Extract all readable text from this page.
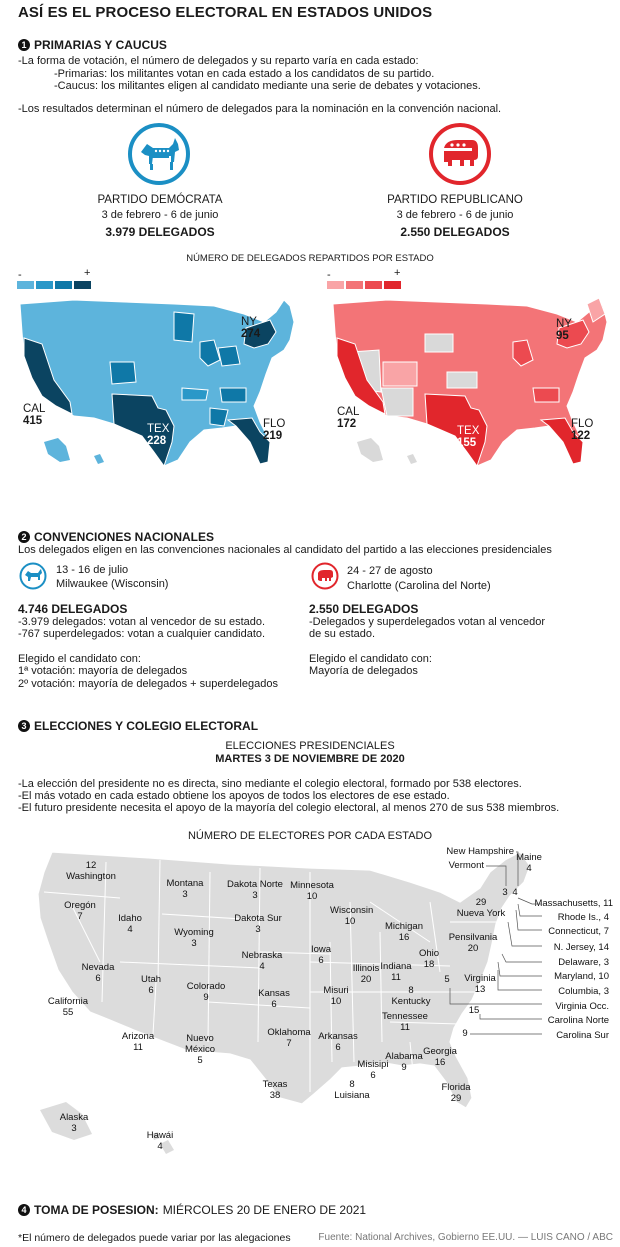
ASÍ ES EL PROCESO ELECTORAL EN ESTADOS UNIDOS
1 PRIMARIAS Y CAUCUS
-La forma de votación, el número de delegados y su reparto varía en cada estado:
-Primarias: los militantes votan en cada estado a los candidatos de su partido.
-Caucus: los militantes eligen al candidato mediante una serie de debates y votaciones.
-Los resultados determinan el número de delegados para la nominación en la convención nacional.
PARTIDO DEMÓCRATA
3 de febrero - 6 de junio
3.979 DELEGADOS
PARTIDO REPUBLICANO
3 de febrero - 6 de junio
2.550 DELEGADOS
NÚMERO DE DELEGADOS REPARTIDOS POR ESTADO
-	+	-	+
NY
274
CAL
415
TEX
228
FLO
219
NY
95
CAL
172
TEX
155
FLO
122
2 CONVENCIONES NACIONALES
Los delegados eligen en las convenciones nacionales al candidato del partido a las elecciones presidenciales
13 - 16 de julio
Milwaukee (Wisconsin)
24 - 27 de agosto
Charlotte (Carolina del Norte)
4.746 DELEGADOS
-3.979 delegados: votan al vencedor de su estado.
-767 superdelegados: votan a cualquier candidato.
Elegido el candidato con:
1ª votación: mayoría de delegados
2º votación: mayoría de delegados + superdelegados
2.550 DELEGADOS
-Delegados y superdelegados votan al vencedor
de su estado.
Elegido el candidato con:
Mayoría de delegados
3 ELECCIONES Y COLEGIO ELECTORAL
ELECCIONES PRESIDENCIALES
MARTES 3 DE NOVIEMBRE DE 2020
-La elección del presidente no es directa, sino mediante el colegio electoral, formado por 538 electores.
-El más votado en cada estado obtiene los apoyos de todos los electores de ese estado.
-El futuro presidente necesita el apoyo de la mayoría del colegio electoral, al menos 270 de sus 538 miembros.
NÚMERO DE ELECTORES POR CADA ESTADO
12
Washington
Oregón
7
California
55
Idaho
4
Nevada
6
Montana
3
Wyoming
3
Utah
6
Arizona
11
Colorado
9
Nuevo México
5
Dakota Norte
3
Dakota Sur
3
Nebraska
4
Kansas
6
Oklahoma
7
Texas
38
Minnesota
10
Iowa
6
Misuri
10
Arkansas
6
8
Luisiana
Wisconsin
10
Illinois
20
Misisipi
6
Michigan
16
Indiana
11
8
Kentucky
Tennessee
11
Alabama
9
Georgia
16
Florida
29
Ohio
18
Pensilvania
20
29
Nueva York
Virginia
13
Alaska
3
Hawái
4
New Hampshire
Vermont
Maine
4
3 4
Massachusetts, 11
Rhode Is., 4
Connecticut, 7
N. Jersey, 14
Delaware, 3
Maryland, 10
Columbia, 3
Virginia Occ.
5
Carolina Norte
15
Carolina Sur
9
4 TOMA DE POSESION: MIÉRCOLES 20 DE ENERO DE 2021
*El número de delegados puede variar por las alegaciones	Fuente: National Archives, Gobierno EE.UU. — LUIS CANO / ABC
